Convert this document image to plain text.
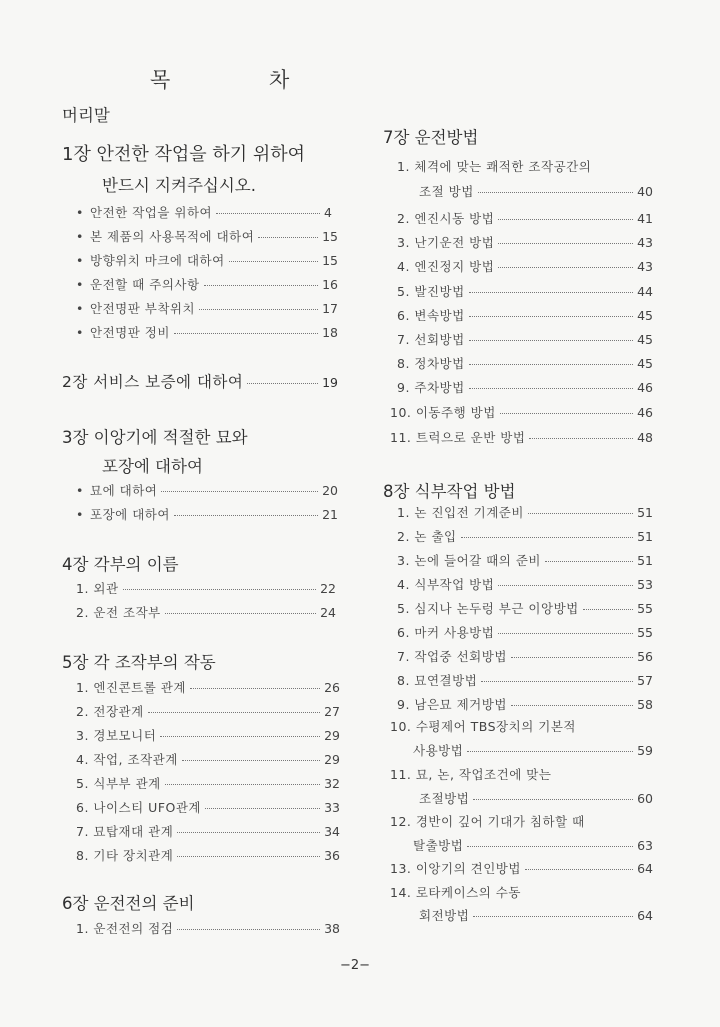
목 차
머리말
1장 안전한 작업을 하기 위하여
반드시 지켜주십시오.
• 안전한 작업을 위하여	4
• 본 제품의 사용목적에 대하여	15
• 방향위치 마크에 대하여	15
• 운전할 때 주의사항	16
• 안전명판 부착위치	17
• 안전명판 정비	18
2장 서비스 보증에 대하여	19
3장 이앙기에 적절한 묘와
포장에 대하여
• 묘에 대하여	20
• 포장에 대하여	21
4장 각부의 이름
1. 외관	22
2. 운전 조작부	24
5장 각 조작부의 작동
1. 엔진콘트롤 관계	26
2. 전장관계	27
3. 경보모니터	29
4. 작업, 조작관계	29
5. 식부부 관계	32
6. 나이스티 UFO관계	33
7. 묘탑재대 관계	34
8. 기타 장치관계	36
6장 운전전의 준비
1. 운전전의 점검	38
7장 운전방법
1. 체격에 맞는 쾌적한 조작공간의
조절 방법	40
2. 엔진시동 방법	41
3. 난기운전 방법	43
4. 엔진정지 방법	43
5. 발진방법	44
6. 변속방법	45
7. 선회방법	45
8. 정차방법	45
9. 주차방법	46
10. 이동주행 방법	46
11. 트럭으로 운반 방법	48
8장 식부작업 방법
1. 논 진입전 기계준비	51
2. 논 출입	51
3. 논에 들어갈 때의 준비	51
4. 식부작업 방법	53
5. 심지나 논두렁 부근 이앙방법	55
6. 마커 사용방법	55
7. 작업중 선회방법	56
8. 묘연결방법	57
9. 남은묘 제거방법	58
10. 수평제어 TBS장치의 기본적
사용방법	59
11. 묘, 논, 작업조건에 맞는
조절방법	60
12. 경반이 깊어 기대가 침하할 때
탈출방법	63
13. 이앙기의 견인방법	64
14. 로타케이스의 수동
회전방법	64
−2−
